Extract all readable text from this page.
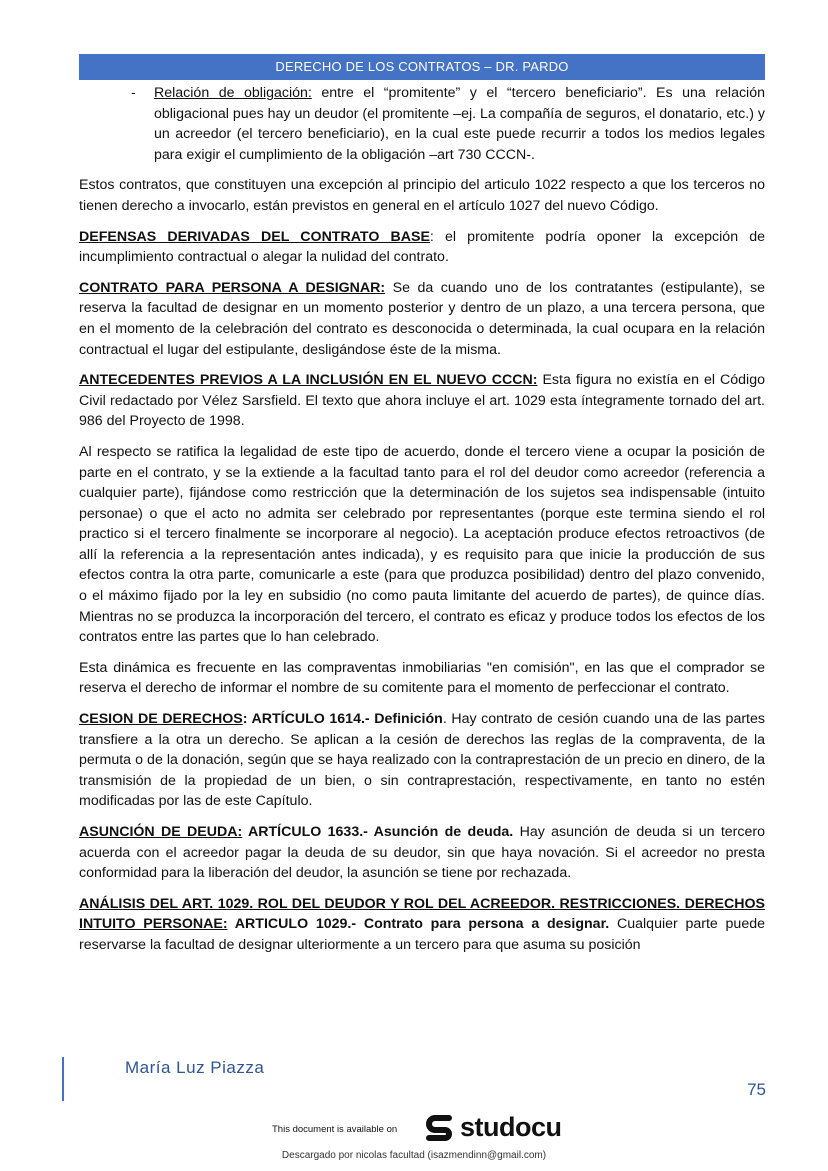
DERECHO DE LOS CONTRATOS – DR. PARDO
- Relación de obligación: entre el “promitente” y el “tercero beneficiario”. Es una relación obligacional pues hay un deudor (el promitente –ej. La compañía de seguros, el donatario, etc.) y un acreedor (el tercero beneficiario), en la cual este puede recurrir a todos los medios legales para exigir el cumplimiento de la obligación –art 730 CCCN-.

Estos contratos, que constituyen una excepción al principio del articulo 1022 respecto a que los terceros no tienen derecho a invocarlo, están previstos en general en el artículo 1027 del nuevo Código.

DEFENSAS DERIVADAS DEL CONTRATO BASE: el promitente podría oponer la excepción de incumplimiento contractual o alegar la nulidad del contrato.

CONTRATO PARA PERSONA A DESIGNAR: Se da cuando uno de los contratantes (estipulante), se reserva la facultad de designar en un momento posterior y dentro de un plazo, a una tercera persona, que en el momento de la celebración del contrato es desconocida o determinada, la cual ocupara en la relación contractual el lugar del estipulante, desligándose éste de la misma.

ANTECEDENTES PREVIOS A LA INCLUSIÓN EN EL NUEVO CCCN: Esta figura no existía en el Código Civil redactado por Vélez Sarsfield. El texto que ahora incluye el art. 1029 esta íntegramente tornado del art. 986 del Proyecto de 1998.

Al respecto se ratifica la legalidad de este tipo de acuerdo, donde el tercero viene a ocupar la posición de parte en el contrato, y se la extiende a la facultad tanto para el rol del deudor como acreedor (referencia a cualquier parte), fijándose como restricción que la determinación de los sujetos sea indispensable (intuito personae) o que el acto no admita ser celebrado por representantes (porque este termina siendo el rol practico si el tercero finalmente se incorporare al negocio). La aceptación produce efectos retroactivos (de allí la referencia a la representación antes indicada), y es requisito para que inicie la producción de sus efectos contra la otra parte, comunicarle a este (para que produzca posibilidad) dentro del plazo convenido, o el máximo fijado por la ley en subsidio (no como pauta limitante del acuerdo de partes), de quince días. Mientras no se produzca la incorporación del tercero, el contrato es eficaz y produce todos los efectos de los contratos entre las partes que lo han celebrado.

Esta dinámica es frecuente en las compraventas inmobiliarias "en comisión", en las que el comprador se reserva el derecho de informar el nombre de su comitente para el momento de perfeccionar el contrato.

CESION DE DERECHOS: ARTÍCULO 1614.- Definición. Hay contrato de cesión cuando una de las partes transfiere a la otra un derecho. Se aplican a la cesión de derechos las reglas de la compraventa, de la permuta o de la donación, según que se haya realizado con la contraprestación de un precio en dinero, de la transmisión de la propiedad de un bien, o sin contraprestación, respectivamente, en tanto no estén modificadas por las de este Capítulo.

ASUNCIÓN DE DEUDA: ARTÍCULO 1633.- Asunción de deuda. Hay asunción de deuda si un tercero acuerda con el acreedor pagar la deuda de su deudor, sin que haya novación. Si el acreedor no presta conformidad para la liberación del deudor, la asunción se tiene por rechazada.

ANÁLISIS DEL ART. 1029. ROL DEL DEUDOR Y ROL DEL ACREEDOR. RESTRICCIONES. DERECHOS INTUITO PERSONAE: ARTICULO 1029.- Contrato para persona a designar. Cualquier parte puede reservarse la facultad de designar ulteriormente a un tercero para que asuma su posición

María Luz Piazza
75
This document is available on studocu
Descargado por nicolas facultad (isazmendinn@gmail.com)
